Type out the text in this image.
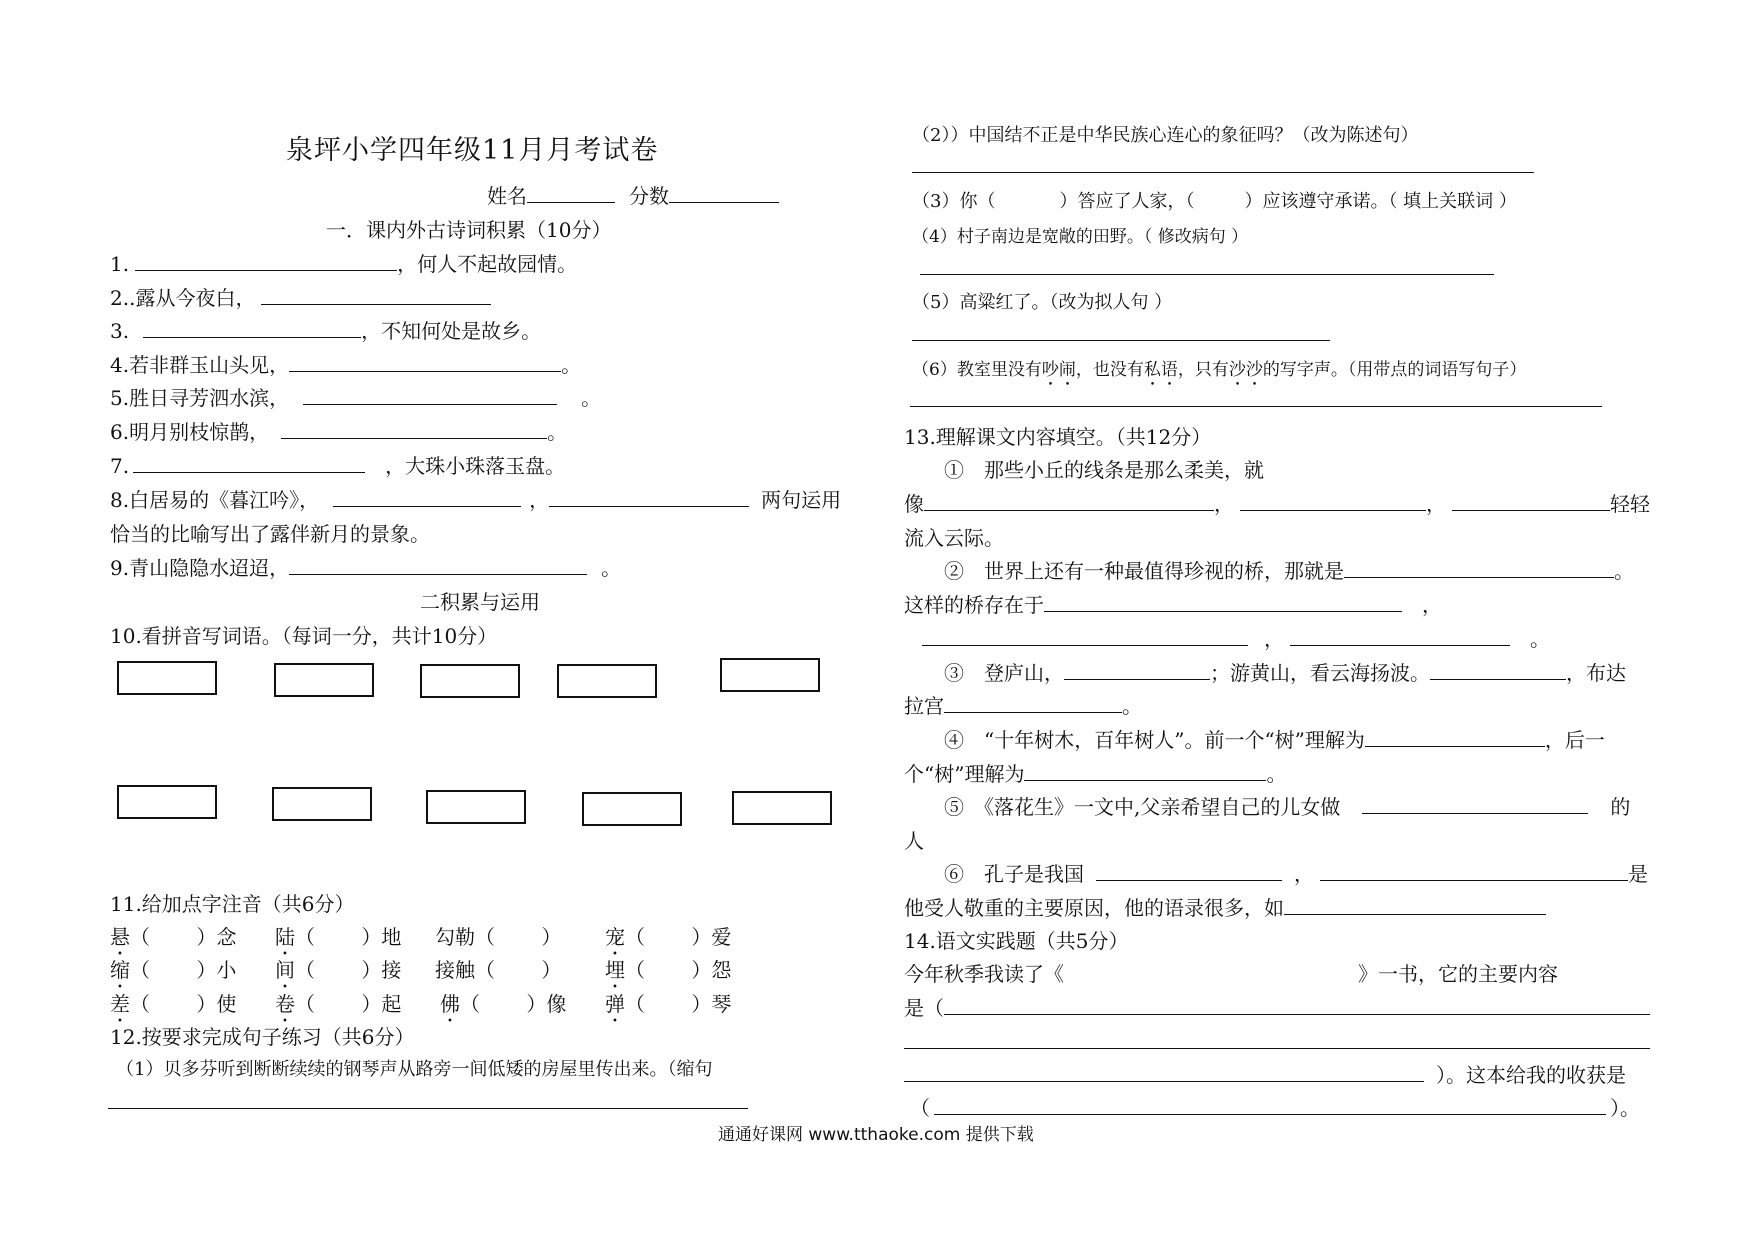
泉坪小学四年级11月月考试卷
姓名	分数
一．课内外古诗词积累（10分）
1.	，何人不起故园情。
2..露从今夜白，
3.	，不知何处是故乡。
4.若非群玉山头见，	。
5.胜日寻芳泗水滨，	。
6.明月别枝惊鹊，	。
7.	，大珠小珠落玉盘。
8.白居易的《暮江吟》，	，	两句运用
恰当的比喻写出了露伴新月的景象。
9.青山隐隐水迢迢，	。
二积累与运用
10.看拼音写词语。（每词一分，共计10分）
11.给加点字注音（共6分）
悬（　　 ）念 陆（　　 ）地 勾勒（　　 ） 宠（　　 ）爱
缩（　　 ）小 间（　　 ）接 接触（　　 ） 埋（　　 ）怨
差（　　 ）使 卷（　　 ）起 佛（　　 ）像 弹（　　 ）琴
12.按要求完成句子练习（共6分）
（1）贝多芬听到断断续续的钢琴声从路旁一间低矮的房屋里传出来。（缩句
（2））中国结不正是中华民族心连心的象征吗？（改为陈述句）
（3）你（	）答应了人家，（	）应该遵守承诺。（ 填上关联词 ）
（4）村子南边是宽敞的田野。（ 修改病句 ）
（5）高粱红了。（改为拟人句 ）
（6）教室里没有吵闹，也没有私语，只有沙沙的写字声。（用带点的词语写句子）
13.理解课文内容填空。（共12分）
①　那些小丘的线条是那么柔美，就
像	，	，	轻轻
流入云际。
②　世界上还有一种最值得珍视的桥，那就是	。
这样的桥存在于	，
，	。
③　登庐山，	；游黄山，看云海扬波。	，布达
拉宫	。
④　“十年树木，百年树人”。前一个“树”理解为	，后一
个“树”理解为	。
⑤　《落花生》一文中,父亲希望自己的儿女做	的
人
⑥　孔子是我国	，	是
他受人敬重的主要原因，他的语录很多，如
14.语文实践题（共5分）
今年秋季我读了《	》一书，它的主要内容
是（
）。这本给我的收获是
（	）。
通通好课网 www.tthaoke.com 提供下载
